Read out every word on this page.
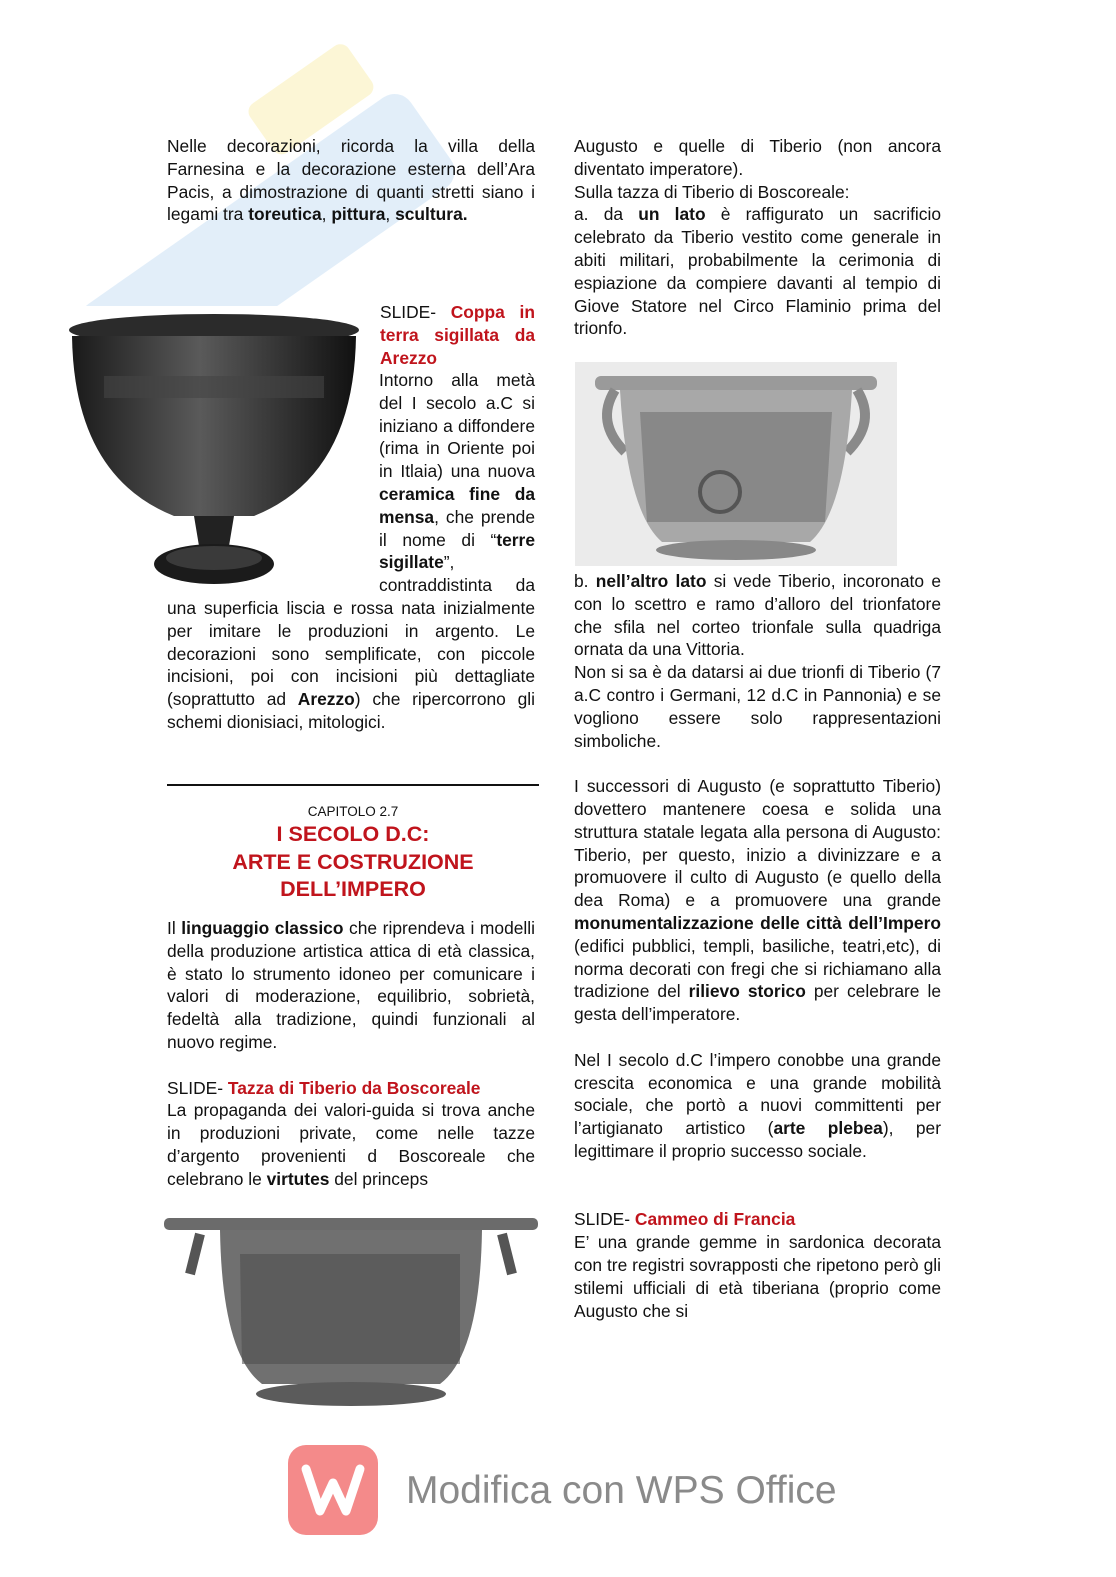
Nelle decorazioni, ricorda la villa della Farnesina e la decorazione esterna dell’Ara Pacis, a dimostrazione di quanti stretti siano i legami tra toreutica, pittura, scultura.

SLIDE- Coppa in terra sigillata da Arezzo

Intorno alla metà del I secolo a.C si iniziano a diffondere (rima in Oriente poi in Itlaia) una nuova ceramica fine da mensa, che prende il nome di “terre sigillate”, contraddistinta da una superficia liscia e rossa nata inizialmente per imitare le produzioni in argento. Le decorazioni sono semplificate, con piccole incisioni, poi con incisioni più dettagliate (soprattutto ad Arezzo) che ripercorrono gli schemi dionisiaci, mitologici.

CAPITOLO 2.7
I SECOLO D.C:
ARTE E COSTRUZIONE
DELL’IMPERO

Il linguaggio classico che riprendeva i modelli della produzione artistica attica di età classica, è stato lo strumento idoneo per comunicare i valori di moderazione, equilibrio, sobrietà, fedeltà alla tradizione, quindi funzionali al nuovo regime.

SLIDE- Tazza di Tiberio da Boscoreale

La propaganda dei valori-guida si trova anche in produzioni private, come nelle tazze d’argento provenienti d Boscoreale che celebrano le virtutes del princeps

Augusto e quelle di Tiberio (non ancora diventato imperatore).

Sulla tazza di Tiberio di Boscoreale:

a. da un lato è raffigurato un sacrificio celebrato da Tiberio vestito come generale in abiti militari, probabilmente la cerimonia di espiazione da compiere davanti al tempio di Giove Statore nel Circo Flaminio prima del trionfo.

b. nell’altro lato si vede Tiberio, incoronato e con lo scettro e ramo d’alloro del trionfatore che sfila nel corteo trionfale sulla quadriga ornata da una Vittoria.

Non si sa è da datarsi ai due trionfi di Tiberio (7 a.C contro i Germani, 12 d.C in Pannonia) e se vogliono essere solo rappresentazioni simboliche.

I successori di Augusto (e soprattutto Tiberio) dovettero mantenere coesa e solida una struttura statale legata alla persona di Augusto: Tiberio, per questo, inizio a divinizzare e a promuovere il culto di Augusto (e quello della dea Roma) e a promuovere una grande monumentalizzazione delle città dell’Impero (edifici pubblici, templi, basiliche, teatri,etc), di norma decorati con fregi che si richiamano alla tradizione del rilievo storico per celebrare le gesta dell’imperatore.

Nel I secolo d.C l’impero conobbe una grande crescita economica e una grande mobilità sociale, che portò a nuovi committenti per l’artigianato artistico (arte plebea), per legittimare il proprio successo sociale.

SLIDE- Cammeo di Francia

E’ una grande gemme in sardonica decorata con tre registri sovrapposti che ripetono però gli stilemi ufficiali di età tiberiana (proprio come Augusto che si

Modifica con WPS Office
